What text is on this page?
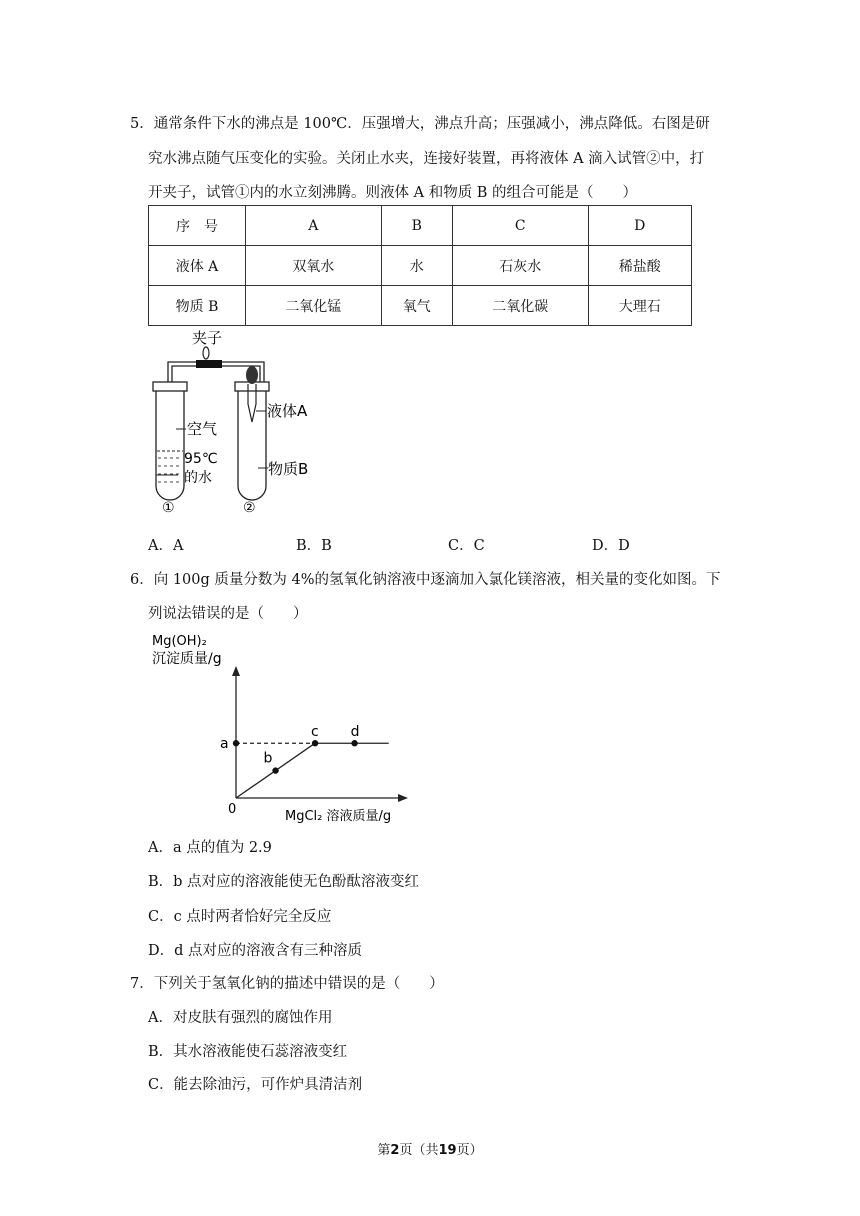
5．通常条件下水的沸点是 100℃．压强增大，沸点升高；压强减小，沸点降低。右图是研
究水沸点随气压变化的实验。关闭止水夹，连接好装置，再将液体 A 滴入试管②中，打
开夹子，试管①内的水立刻沸腾。则液体 A 和物质 B 的组合可能是（　　）
序　号	A	B	C	D
液体 A	双氧水	水	石灰水	稀盐酸
物质 B	二氧化锰	氧气	二氧化碳	大理石
夹子
空气
95℃
的水
①
液体A
物质B
②
A．A	B．B	C．C	D．D
6．向 100g 质量分数为 4%的氢氧化钠溶液中逐滴加入氯化镁溶液，相关量的变化如图。下
列说法错误的是（　　）
Mg(OH)₂
沉淀质量/g
0	MgCl₂ 溶液质量/g
a
b
c d
A．a 点的值为 2.9
B．b 点对应的溶液能使无色酚酞溶液变红
C．c 点时两者恰好完全反应
D．d 点对应的溶液含有三种溶质
7．下列关于氢氧化钠的描述中错误的是（　　）
A．对皮肤有强烈的腐蚀作用
B．其水溶液能使石蕊溶液变红
C．能去除油污，可作炉具清洁剂
第2页（共19页）
